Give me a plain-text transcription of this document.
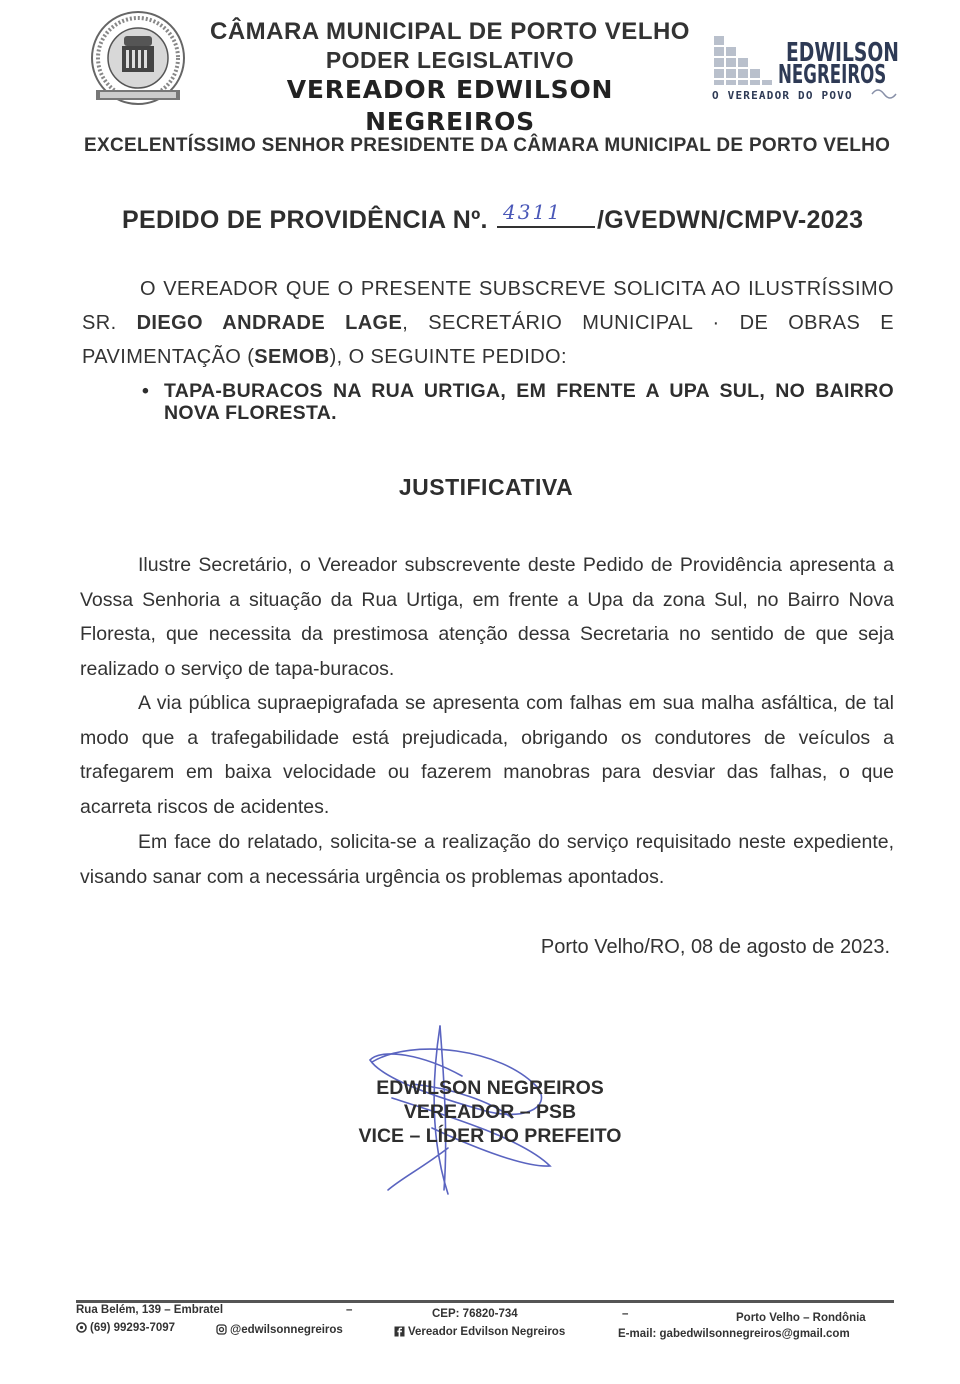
CÂMARA MUNICIPAL DE PORTO VELHO
PODER LEGISLATIVO
VEREADOR EDWILSON NEGREIROS
EDWILSON
NEGREIROS
O VEREADOR DO POVO
EXCELENTÍSSIMO SENHOR PRESIDENTE DA CÂMARA MUNICIPAL DE PORTO VELHO
PEDIDO DE PROVIDÊNCIA Nº. 4311 /GVEDWN/CMPV-2023
O VEREADOR QUE O PRESENTE SUBSCREVE SOLICITA AO ILUSTRÍSSIMO SR. DIEGO ANDRADE LAGE, SECRETÁRIO MUNICIPAL · DE OBRAS E PAVIMENTAÇÃO (SEMOB), O SEGUINTE PEDIDO:
• TAPA-BURACOS NA RUA URTIGA, EM FRENTE A UPA SUL, NO BAIRRO NOVA FLORESTA.
JUSTIFICATIVA

Ilustre Secretário, o Vereador subscrevente deste Pedido de Providência apresenta a Vossa Senhoria a situação da Rua Urtiga, em frente a Upa da zona Sul, no Bairro Nova Floresta, que necessita da prestimosa atenção dessa Secretaria no sentido de que seja realizado o serviço de tapa-buracos.

A via pública supraepigrafada se apresenta com falhas em sua malha asfáltica, de tal modo que a trafegabilidade está prejudicada, obrigando os condutores de veículos a trafegarem em baixa velocidade ou fazerem manobras para desviar das falhas, o que acarreta riscos de acidentes.

Em face do relatado, solicita-se a realização do serviço requisitado neste expediente, visando sanar com a necessária urgência os problemas apontados.

Porto Velho/RO, 08 de agosto de 2023.
EDWILSON NEGREIROS
VEREADOR – PSB
VICE – LÍDER DO PREFEITO
Rua Belém, 139 – Embratel	–	CEP: 76820-734	–	Porto Velho – Rondônia
(69) 99293-7097	@edwilsonnegreiros	Vereador Edvilson Negreiros	E-mail: gabedwilsonnegreiros@gmail.com
